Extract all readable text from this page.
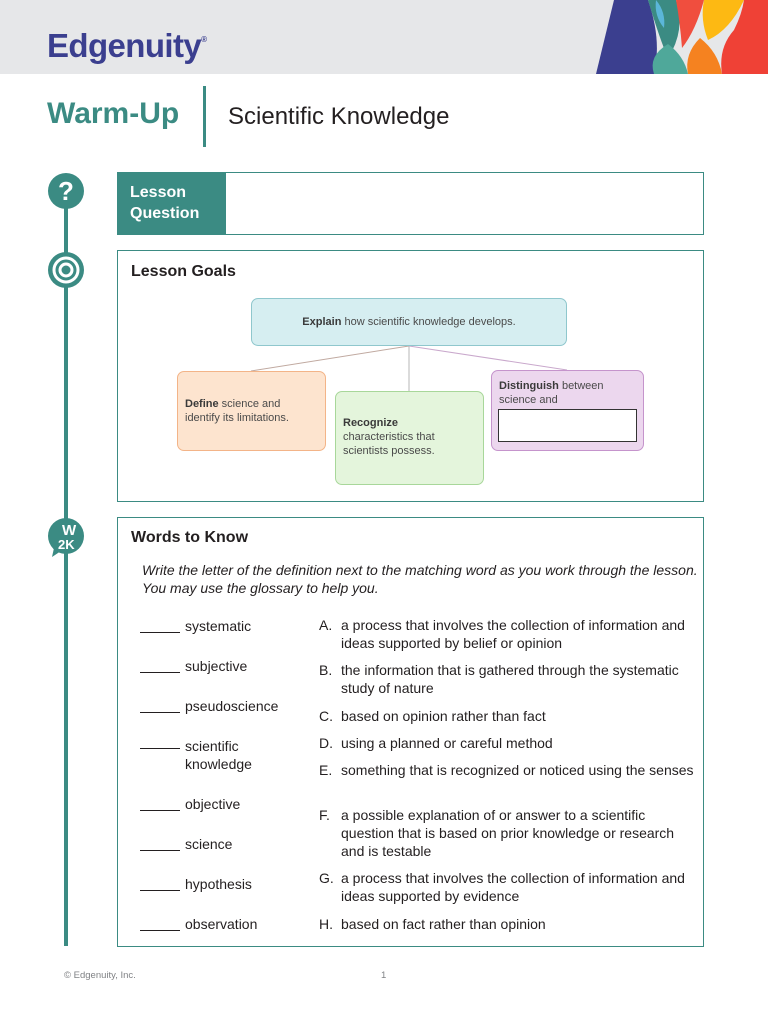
Edgenuity®
Warm-Up Scientific Knowledge
?
W
2K
Lesson
Question
Lesson Goals
Explain how scientific knowledge develops.
Define science and
identify its limitations.	Recognize
characteristics that
scientists possess.
Distinguish between
science and
Words to Know
Write the letter of the definition next to the matching word as you work through the lesson. You may use the glossary to help you.
systematic
subjective
pseudoscience
scientific
knowledge
objective
science
hypothesis
observation
A. a process that involves the collection of information and ideas supported by belief or opinion
B. the information that is gathered through the systematic study of nature
C. based on opinion rather than fact
D. using a planned or careful method
E. something that is recognized or noticed using the senses
F. a possible explanation of or answer to a scientific question that is based on prior knowledge or research and is testable
G. a process that involves the collection of information and ideas supported by evidence
H. based on fact rather than opinion
© Edgenuity, Inc.	1
